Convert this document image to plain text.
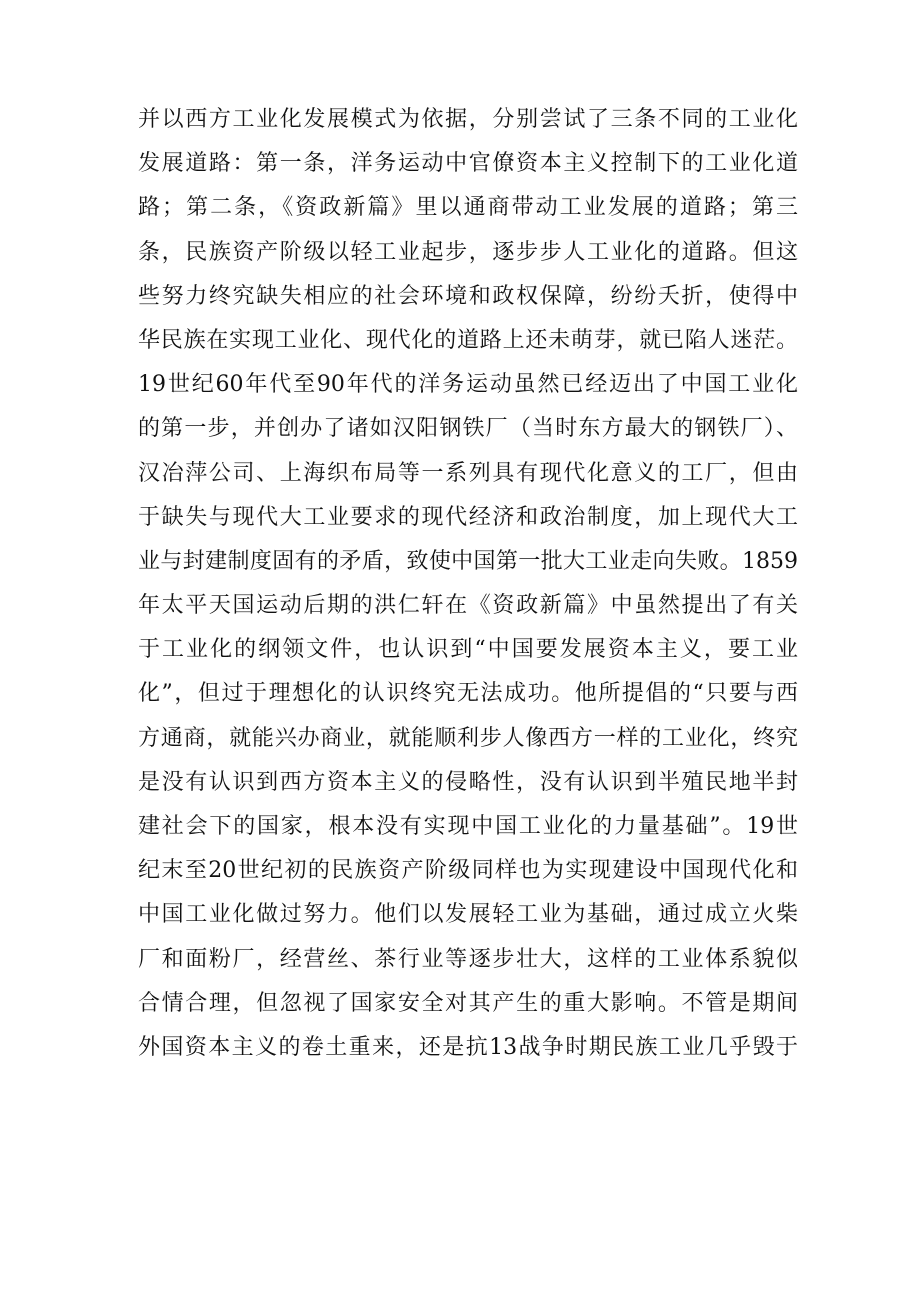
并以西方工业化发展模式为依据，分别尝试了三条不同的工业化
发展道路：第一条，洋务运动中官僚资本主义控制下的工业化道
路；第二条，《资政新篇》里以通商带动工业发展的道路；第三
条，民族资产阶级以轻工业起步，逐步步人工业化的道路。但这
些努力终究缺失相应的社会环境和政权保障，纷纷夭折，使得中
华民族在实现工业化、现代化的道路上还未萌芽，就已陷人迷茫。
19世纪60年代至90年代的洋务运动虽然已经迈出了中国工业化
的第一步，并创办了诸如汉阳钢铁厂（当时东方最大的钢铁厂）、
汉冶萍公司、上海织布局等一系列具有现代化意义的工厂，但由
于缺失与现代大工业要求的现代经济和政治制度，加上现代大工
业与封建制度固有的矛盾，致使中国第一批大工业走向失败。1859
年太平天国运动后期的洪仁轩在《资政新篇》中虽然提出了有关
于工业化的纲领文件，也认识到“中国要发展资本主义，要工业
化”，但过于理想化的认识终究无法成功。他所提倡的“只要与西
方通商，就能兴办商业，就能顺利步人像西方一样的工业化，终究
是没有认识到西方资本主义的侵略性，没有认识到半殖民地半封
建社会下的国家，根本没有实现中国工业化的力量基础”。19世
纪末至20世纪初的民族资产阶级同样也为实现建设中国现代化和
中国工业化做过努力。他们以发展轻工业为基础，通过成立火柴
厂和面粉厂，经营丝、茶行业等逐步壮大，这样的工业体系貌似
合情合理，但忽视了国家安全对其产生的重大影响。不管是期间
外国资本主义的卷土重来，还是抗13战争时期民族工业几乎毁于
